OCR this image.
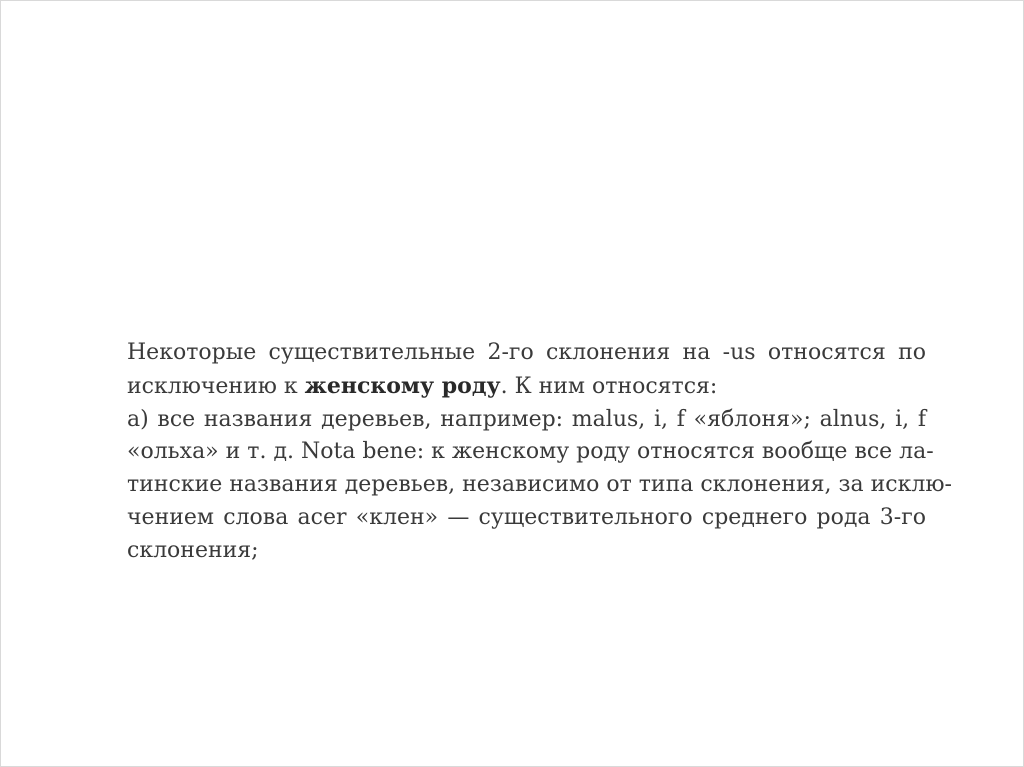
Некоторые существительные 2-го склонения на -us относятся по
исключению к женскому роду. К ним относятся:
а) все названия деревьев, например: malus, i, f «яблоня»; alnus, i, f
«ольха» и т. д. Nota bene: к женскому роду относятся вообще все ла-
тинские названия деревьев, независимо от типа склонения, за исклю-
чением слова acer «клен» — существительного среднего рода 3-го
склонения;
